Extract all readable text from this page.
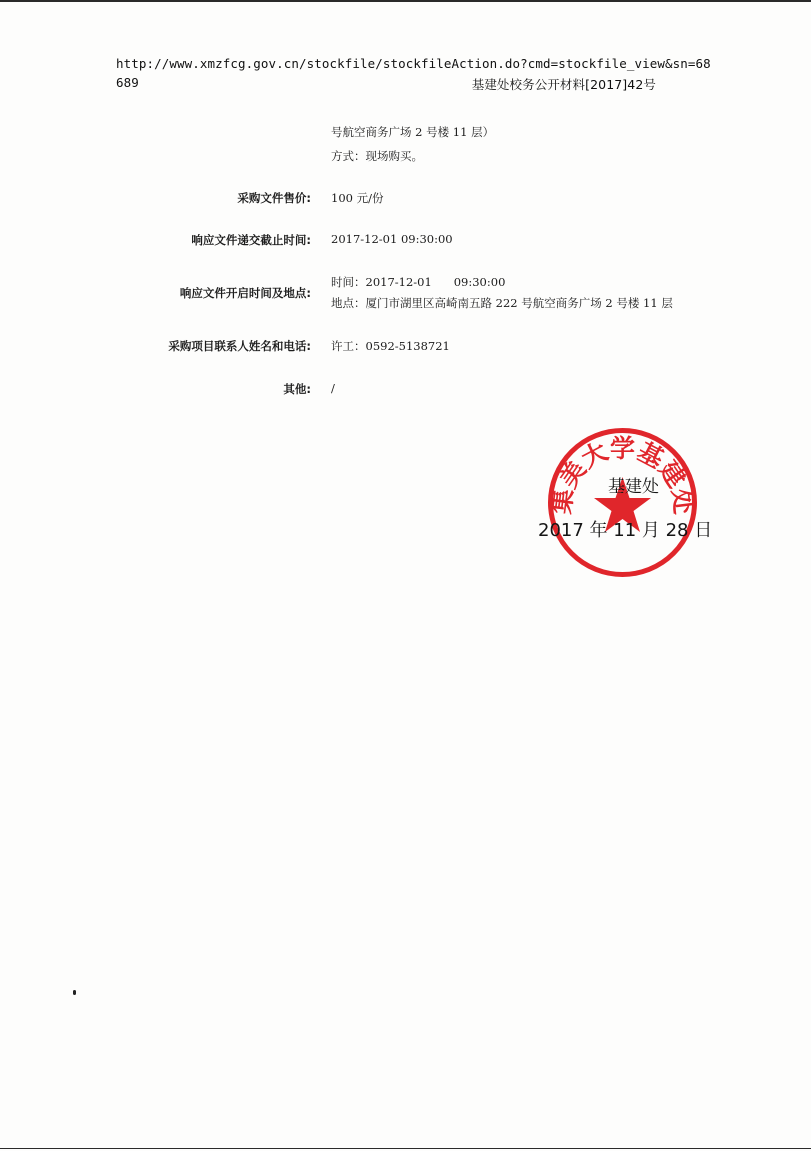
http://www.xmzfcg.gov.cn/stockfile/stockfileAction.do?cmd=stockfile_view&sn=68
689	基建处校务公开材料[2017]42号
号航空商务广场 2 号楼 11 层）
方式：现场购买。
采购文件售价: 100 元/份
响应文件递交截止时间: 2017-12-01 09:30:00
响应文件开启时间及地点:
时间：2017-12-01      09:30:00
地点：厦门市湖里区高崎南五路 222 号航空商务广场 2 号楼 11 层
采购项目联系人姓名和电话: 许工：0592-5138721
其他: /
集美大学基建处
基建处
2017 年 11 月 28 日
